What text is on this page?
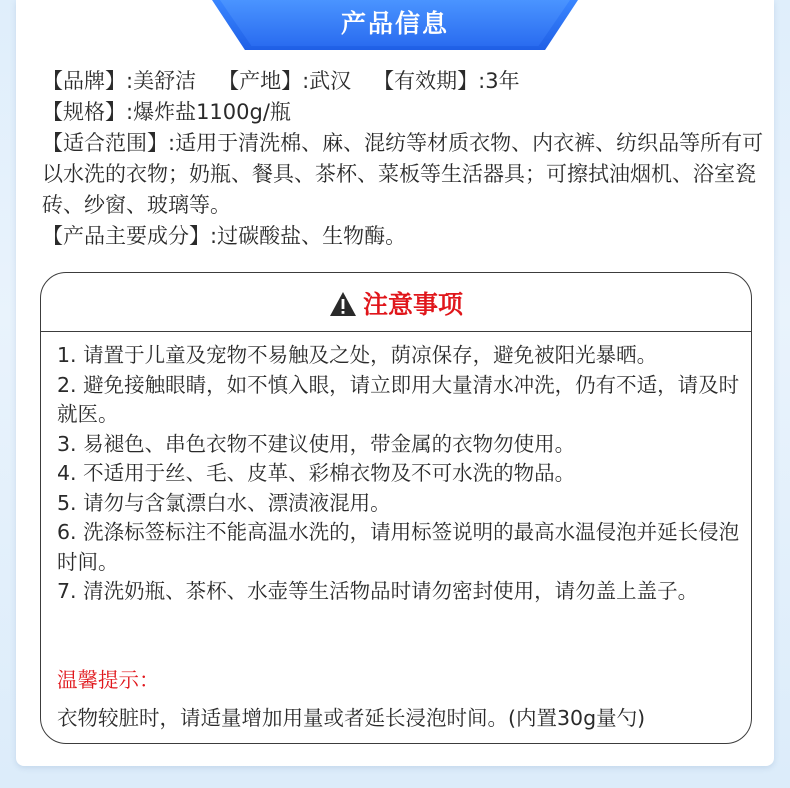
产品信息
【品牌】:美舒洁 【产地】:武汉 【有效期】:3年
【规格】:爆炸盐1100g/瓶
【适合范围】:适用于清洗棉、麻、混纺等材质衣物、内衣裤、纺织品等所有可以水洗的衣物；奶瓶、餐具、茶杯、菜板等生活器具；可擦拭油烟机、浴室瓷砖、纱窗、玻璃等。
【产品主要成分】:过碳酸盐、生物酶。
注意事项

1. 请置于儿童及宠物不易触及之处，荫凉保存，避免被阳光暴晒。

2. 避免接触眼睛，如不慎入眼，请立即用大量清水冲洗，仍有不适，请及时就医。

3. 易褪色、串色衣物不建议使用，带金属的衣物勿使用。

4. 不适用于丝、毛、皮革、彩棉衣物及不可水洗的物品。

5. 请勿与含氯漂白水、漂渍液混用。

6. 洗涤标签标注不能高温水洗的，请用标签说明的最高水温侵泡并延长侵泡时间。

7. 清洗奶瓶、茶杯、水壶等生活物品时请勿密封使用，请勿盖上盖子。

温馨提示：
衣物较脏时，请适量增加用量或者延长浸泡时间。(内置30g量勺)
